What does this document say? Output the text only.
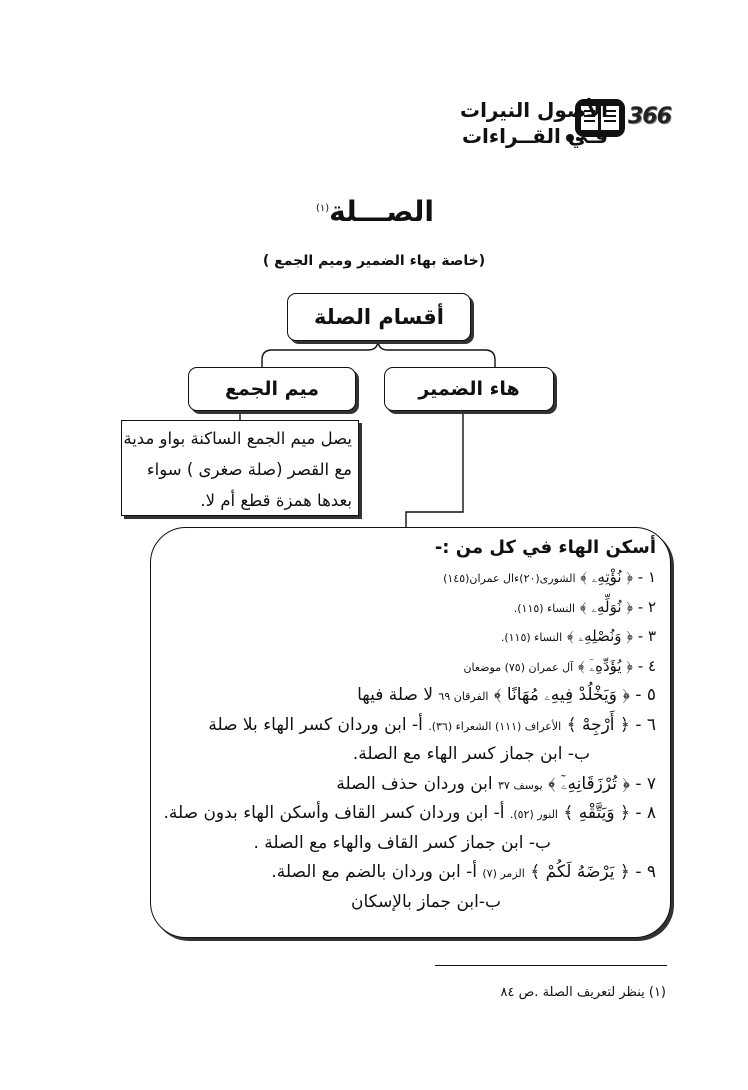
366
الأصول النيرات
فـي القــراءات
الصـــلة$^{(١)}$
(خاصة بهاء الضمير وميم الجمع )
أقسام الصلة
ميم الجمع	هاء الضمير
يصل ميم الجمع الساكنة بواو مدية
مع القصر (صلة صغرى ) سواء
بعدها همزة قطع أم لا.
أسكن الهاء في كل من :-
١ - ﴿ نُؤْتِهِۦ ﴾ الشورى(٢٠)ءال عمران(١٤٥)
٢ - ﴿ نُوَلِّهِۦ ﴾ النساء (١١٥).
٣ - ﴿ وَنُصْلِهِۦ ﴾ النساء (١١٥).
٤ - ﴿ يُؤَدِّهِۦٓ ﴾ آل عمران (٧٥) موضعان
٥ - ﴿ وَيَخْلُدْ فِيهِۦ مُهَانًا ﴾ الفرقان ٦٩ لا صلة فيها
٦ - ﴿ أَرْجِهْ ﴾ الأعراف (١١١) الشعراء (٣٦). أ- ابن وردان كسر الهاء بلا صلة
ب- ابن جماز كسر الهاء مع الصلة.
٧ - ﴿ تُرْزَقَانِهِۦٓ ﴾ يوسف ٣٧ ابن وردان حذف الصلة
٨ - ﴿ وَيَتَّقْهِ ﴾ النور (٥٢). أ- ابن وردان كسر القاف وأسكن الهاء بدون صلة.
ب- ابن جماز كسر القاف والهاء مع الصلة .
٩ - ﴿ يَرْضَهُ لَكُمْ ﴾ الزمر (٧) أ- ابن وردان بالضم مع الصلة.
ب-ابن جماز بالإسكان
(١) ينظر لتعريف الصلة .ص ٨٤
